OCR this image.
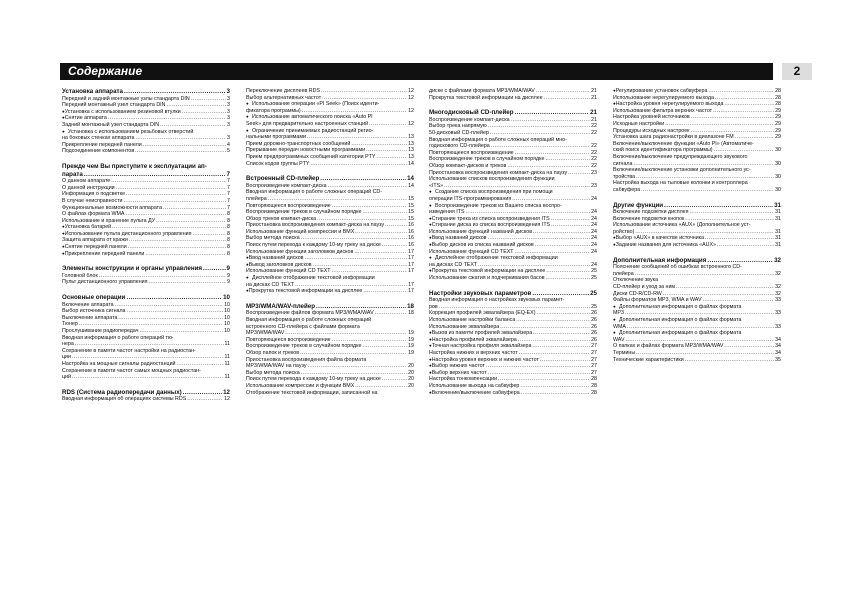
Содержание	2
Установка аппарата .....	3
Передний и задний монтажные узлы стандарта DIN .....	3
Передний монтажный узел стандарта DIN .....	3
● Установка с использованием резиновой втулки .....	3
● Снятие аппарата .....	3
Задний монтажный узел стандарта DIN .....	3
● Установка с использованием резьбовых отверстий
на боковых стенках аппарата .....	3
Прикрепление передней панели .....	4
Подсоединение компонентов .....	5
Прежде чем Вы приступите к эксплуатации ап-
парата .....	7
О данном аппарате .....	7
О данной инструкции .....	7
Информация о подсветке .....	7
В случае неисправности .....	7
Функциональные возможности аппарата .....	7
О файлах формата WMA .....	8
Использование и хранение пульта ДУ .....	8
● Установка батарей .....	8
● Использование пульта дистанционного управления .....	8
Защита аппарата от кражи .....	8
● Снятие передней панели .....	8
● Прикрепление передней панели .....	8
Элементы конструкции и органы управления .....	9
Головной блок .....	9
Пульт дистанционного управления .....	9
Основные операции .....	10
Включение аппарата .....	10
Выбор источника сигнала .....	10
Выключение аппарата .....	10
Тюнер .....	10
Прослушивание радиопередач .....	10
Вводная информация о работе операций тю-
нера .....	11
Сохранение в памяти частот настройки на радиостан-
ции .....	11
Настройка на мощные сигналы радиостанций .....	11
Сохранение в памяти частот самых мощных радиостан-
ций .....	11
RDS (Система радиопередачи данных) .....	12
Вводная информация об операциях системы RDS .....	12
Переключение дисплеев RDS .....	12
Выбор альтернативных частот .....	12
● Использование операции «PI Seek» (Поиск иденти-
фикатора программы) .....	12
● Использование автоматического поиска «Auto PI
Seek» для предварительно настроенных станций .....	12
● Ограничение принимаемых радиостанций регио-
нальными программами .....	13
Прием дорожно-транспортных сообщений .....	13
Прерывание передач новостными программами .....	13
Прием предпрограммных сообщений категории PTY .....	13
Список кодов группы PTY .....	14
Встроенный CD-плейер .....	14
Воспроизведение компакт-диска .....	14
Вводная информация о работе сложных операций CD-
плейера .....	15
Повторяющееся воспроизведение .....	15
Воспроизведение треков в случайном порядке .....	15
Обзор треков компакт-диска .....	15
Приостановка воспроизведения компакт-диска на паузу .....	16
Использование функций компрессии и BMX .....	16
Выбор метода поиска .....	16
Поиск путем перехода к каждому 10-му треку на диске .....	16
Использование функции заголовков дисков .....	17
● Ввод названий дисков .....	17
● Вывод заголовков дисков .....	17
Использование функций CD TEXT .....	17
● Дисплейное отображение текстовой информации
на дисках CD TEXT .....	17
● Прокрутка текстовой информации на дисплее .....	17
MP3/WMA/WAV-плейер .....	18
Воспроизведение файлов формата MP3/WMA/WAV .....	18
Вводная информация о работе сложных операций
встроенного CD-плейера с файлами формата
MP3/WMA/WAV .....	19
Повторяющееся воспроизведение .....	19
Воспроизведение треков в случайном порядке .....	19
Обзор папок и треков .....	19
Приостановка воспроизведения файла формата
MP3/WMA/WAV на паузу .....	20
Выбор метода поиска .....	20
Поиск путем перехода к каждому 10-му треку на диске .....	20
Использование компрессии и функции BMX .....	20
Отображение текстовой информации, записанной на
диске с файлами формата MP3/WMA/WAV .....	21
Прокрутка текстовой информации на дисплее .....	21
Многодисковый CD-плейер .....	21
Воспроизведение компакт-диска .....	21
Выбор трека напрямую .....	22
50-дисковый CD-плейер .....	22
Вводная информация о работе сложных операций мно-
годискового CD-плейера .....	22
Повторяющееся воспроизведение .....	22
Воспроизведение треков в случайном порядке .....	22
Обзор компакт-дисков и треков .....	22
Приостановка воспроизведения компакт-диска на паузу .....	23
Использование списков воспроизведения функции
«ITS» .....	23
● Создание списка воспроизведения при помощи
операции ITS-программирования .....	24
● Воспроизведение треков из Вашего списка воспро-
изведения ITS .....	24
● Стирание трека из списка воспроизведения ITS .....	24
● Стирание диска из списка воспроизведения ITS .....	24
Использование функций названий дисков .....	24
● Ввод названий дисков .....	24
● Выбор дисков из списка названий дисков .....	24
Использование функций CD TEXT .....	24
● Дисплейное отображение текстовой информации
на дисках CD TEXT .....	24
● Прокрутка текстовой информации на дисплее .....	25
Использование сжатия и подчеркивания басов .....	25
Настройки звуковых параметров .....	25
Вводная информация о настройках звуковых парамет-
ров .....	25
Коррекция профилей эквалайзера (EQ-EX) .....	26
Использование настройки баланса .....	26
Использование эквалайзера .....	26
● Вызов из памяти профилей эквалайзера .....	26
● Настройка профилей эквалайзера .....	26
● Точная настройка профиля эквалайзера .....	27
Настройка нижних и верхних частот .....	27
● Настройка уровня верхних и нижних частот .....	27
● Выбор нижних частот .....	27
● Выбор верхних частот .....	27
Настройка тонкомпенсации .....	28
Использование выхода на сабвуфер .....	28
● Включение/выключение сабвуфера .....	28
● Регулирование установок сабвуфера .....	28
Использование нерегулируемого выхода .....	28
● Настройка уровня нерегулируемого выхода .....	28
Использование фильтра верхних частот .....	29
Настройка уровней источников .....	29
Исходные настройки .....	29
Процедуры исходных настроек .....	29
Установка шага радионастройки в диапазоне FM .....	29
Включение/выключение функции «Auto PI» (Автоматиче-
ский поиск идентификатора программы) .....	30
Включение/выключение предупреждающего звукового
сигнала .....	30
Включение/выключение установки дополнительного ус-
тройства .....	30
Настройка выхода на тыловые колонки и контроллера
сабвуфера .....	30
Другие функции .....	31
Включение подсветки дисплея .....	31
Включение подсветки кнопок .....	31
Использование источника «AUX» (Дополнительное уст-
ройство) .....	31
● Выбор «AUX» в качестве источника .....	31
● Задание названия для источника «AUX» .....	31
Дополнительная информация .....	32
Пояснение сообщений об ошибках встроенного CD-
плейера .....	32
Отключение звука
CD-плейер и уход за ним .....	32
Диски CD-R/CD-RW .....	32
Файлы форматов MP3, WMA и WAV .....	33
● Дополнительная информация о файлах формата
MP3 .....	33
● Дополнительная информация о файлах формата
WMA .....	33
● Дополнительная информация о файлах формата
WAV .....	34
О папках и файлах формата MP3/WMA/WAV .....	34
Термины .....	34
Технические характеристики .....	35
